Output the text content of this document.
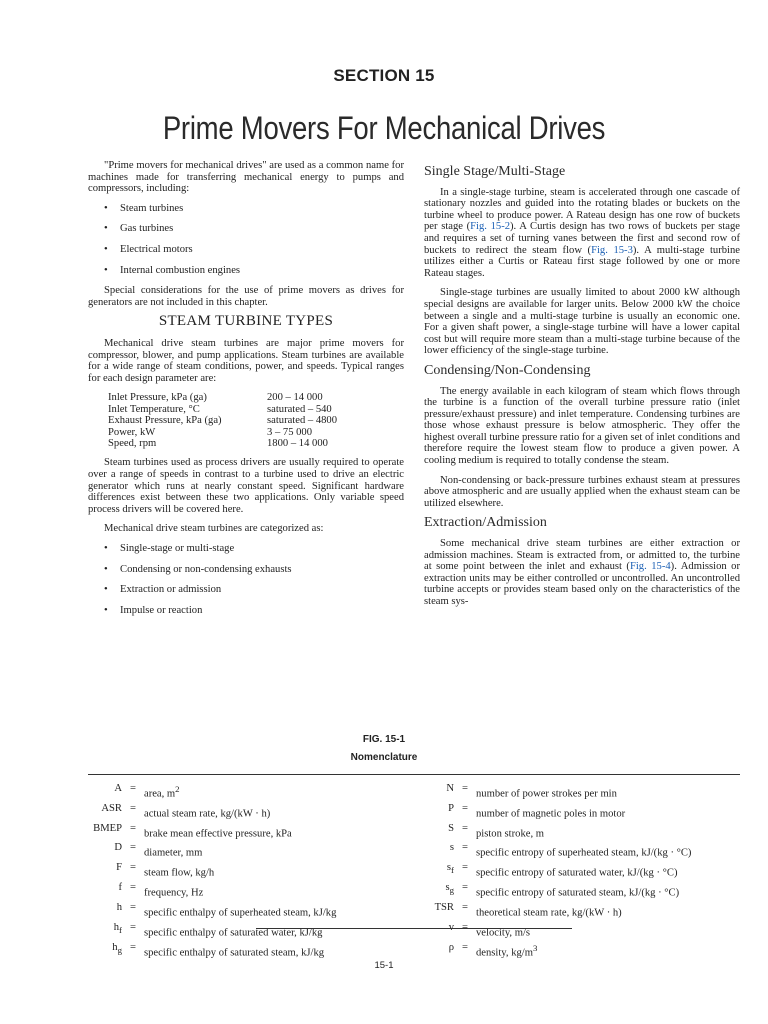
SECTION 15
Prime Movers For Mechanical Drives

"Prime movers for mechanical drives" are used as a common name for machines made for transferring mechanical energy to pumps and compressors, including:

• Steam turbines
• Gas turbines
• Electrical motors
• Internal combustion engines

Special considerations for the use of prime movers as drives for generators are not included in this chapter.

STEAM TURBINE TYPES

Mechanical drive steam turbines are major prime movers for compressor, blower, and pump applications. Steam turbines are available for a wide range of steam conditions, power, and speeds. Typical ranges for each design parameter are:

Inlet Pressure, kPa (ga)	200 – 14 000
Inlet Temperature, °C	saturated – 540
Exhaust Pressure, kPa (ga)	saturated – 4800
Power, kW	3 – 75 000
Speed, rpm	1800 – 14 000

Steam turbines used as process drivers are usually required to operate over a range of speeds in contrast to a turbine used to drive an electric generator which runs at nearly constant speed. Significant hardware differences exist between these two applications. Only variable speed process drivers will be covered here.

Mechanical drive steam turbines are categorized as:

• Single-stage or multi-stage
• Condensing or non-condensing exhausts
• Extraction or admission
• Impulse or reaction
Single Stage/Multi-Stage

In a single-stage turbine, steam is accelerated through one cascade of stationary nozzles and guided into the rotating blades or buckets on the turbine wheel to produce power. A Rateau design has one row of buckets per stage (Fig. 15-2). A Curtis design has two rows of buckets per stage and requires a set of turning vanes between the first and second row of buckets to redirect the steam flow (Fig. 15-3). A multi-stage turbine utilizes either a Curtis or Rateau first stage followed by one or more Rateau stages.

Single-stage turbines are usually limited to about 2000 kW although special designs are available for larger units. Below 2000 kW the choice between a single and a multi-stage turbine is usually an economic one. For a given shaft power, a single-stage turbine will have a lower capital cost but will require more steam than a multi-stage turbine because of the lower efficiency of the single-stage turbine.

Condensing/Non-Condensing

The energy available in each kilogram of steam which flows through the turbine is a function of the overall turbine pressure ratio (inlet pressure/exhaust pressure) and inlet temperature. Condensing turbines are those whose exhaust pressure is below atmospheric. They offer the highest overall turbine pressure ratio for a given set of inlet conditions and therefore require the lowest steam flow to produce a given power. A cooling medium is required to totally condense the steam.

Non-condensing or back-pressure turbines exhaust steam at pressures above atmospheric and are usually applied when the exhaust steam can be utilized elsewhere.

Extraction/Admission

Some mechanical drive steam turbines are either extraction or admission machines. Steam is extracted from, or admitted to, the turbine at some point between the inlet and exhaust (Fig. 15-4). Admission or extraction units may be either controlled or uncontrolled. An uncontrolled turbine accepts or provides steam based only on the characteristics of the steam sys-

FIG. 15-1
Nomenclature
A =
area, $m^2$
ASR =
actual steam rate, kg/(kW · h)
BMEP =
brake mean effective pressure, kPa
D =
diameter, mm
F =
steam flow, kg/h
f =
frequency, Hz
h =
specific enthalpy of superheated steam, kJ/kg
$h_f$ =
specific enthalpy of saturated water, kJ/kg
$h_g$ =
specific enthalpy of saturated steam, kJ/kg
N =
number of power strokes per min
P =
number of magnetic poles in motor
S =
piston stroke, m
s =
specific entropy of superheated steam, kJ/(kg · °C)
$s_f$ =
specific entropy of saturated water, kJ/(kg · °C)
$s_g$ =
specific entropy of saturated steam, kJ/(kg · °C)
TSR =
theoretical steam rate, kg/(kW · h)
v =
velocity, m/s
ρ =
density, $kg/m^3$
15-1
